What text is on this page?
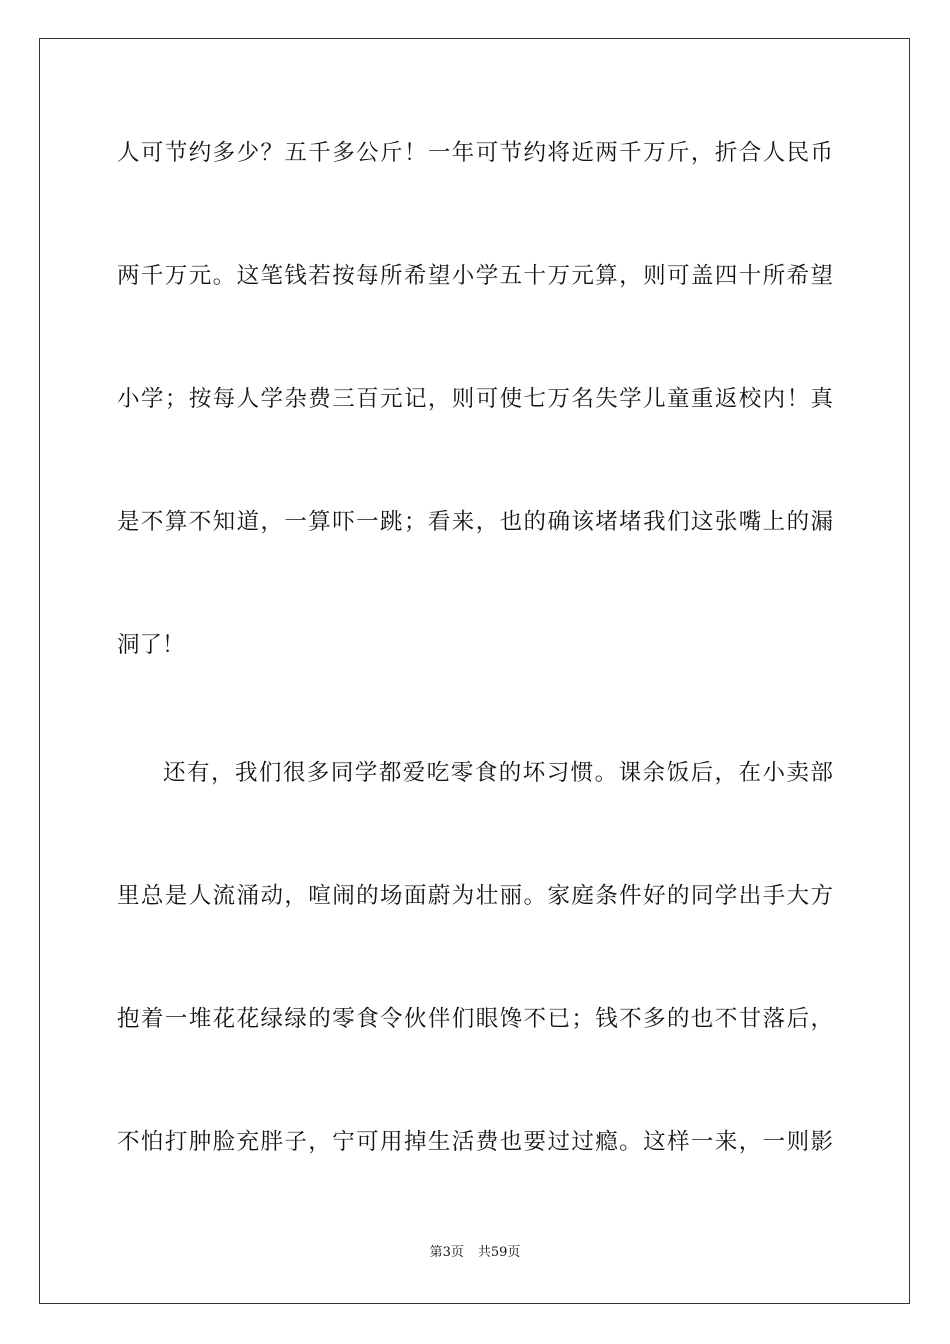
人可节约多少？五千多公斤！一年可节约将近两千万斤，折合人民币
两千万元。这笔钱若按每所希望小学五十万元算，则可盖四十所希望
小学；按每人学杂费三百元记，则可使七万名失学儿童重返校内！真
是不算不知道，一算吓一跳；看来，也的确该堵堵我们这张嘴上的漏
洞了！
还有，我们很多同学都爱吃零食的坏习惯。课余饭后，在小卖部
里总是人流涌动，喧闹的场面蔚为壮丽。家庭条件好的同学出手大方
抱着一堆花花绿绿的零食令伙伴们眼馋不已；钱不多的也不甘落后，
不怕打肿脸充胖子，宁可用掉生活费也要过过瘾。这样一来，一则影
第3页 共59页
